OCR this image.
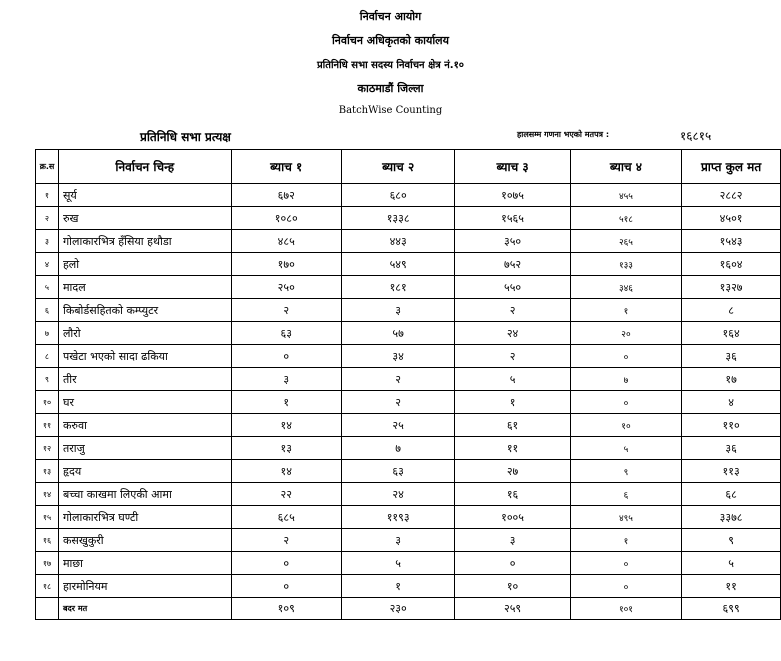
निर्वाचन आयोग
निर्वाचन अधिकृतको कार्यालय
प्रतिनिधि सभा सदस्य निर्वाचन क्षेत्र नं.१०
काठमाडौं जिल्ला
BatchWise Counting
प्रतिनिधि सभा प्रत्यक्ष	हालसम्म गणना भएको मतपत्र :	१६८१५
क्र.स	निर्वाचन चिन्ह	ब्याच १	ब्याच २	ब्याच ३	ब्याच ४	प्राप्त कुल मत
१	सूर्य	६७२	६८०	१०७५	४५५	२८८२
२	रुख	१०८०	१३३८	१५६५	५१८	४५०१
३	गोलाकारभित्र हँसिया हथौडा	४८५	४४३	३५०	२६५	१५४३
४	हलो	१७०	५४९	७५२	१३३	१६०४
५	मादल	२५०	१८१	५५०	३४६	१३२७
६	किबोर्डसहितको कम्प्युटर	२	३	२	१	८
७	लौरो	६३	५७	२४	२०	१६४
८	पखेटा भएको सादा ढकिया	०	३४	२	०	३६
९	तीर	३	२	५	७	१७
१०	घर	१	२	१	०	४
११	करुवा	१४	२५	६१	१०	११०
१२	तराजु	१३	७	११	५	३६
१३	हृदय	१४	६३	२७	९	११३
१४	बच्चा काखमा लिएकी आमा	२२	२४	१६	६	६८
१५	गोलाकारभित्र घण्टी	६८५	११९३	१००५	४९५	३३७८
१६	कसखुकुरी	२	३	३	१	९
१७	माछा	०	५	०	०	५
१८	हारमोनियम	०	१	१०	०	११
	बदर मत	१०९	२३०	२५९	१०१	६९९
